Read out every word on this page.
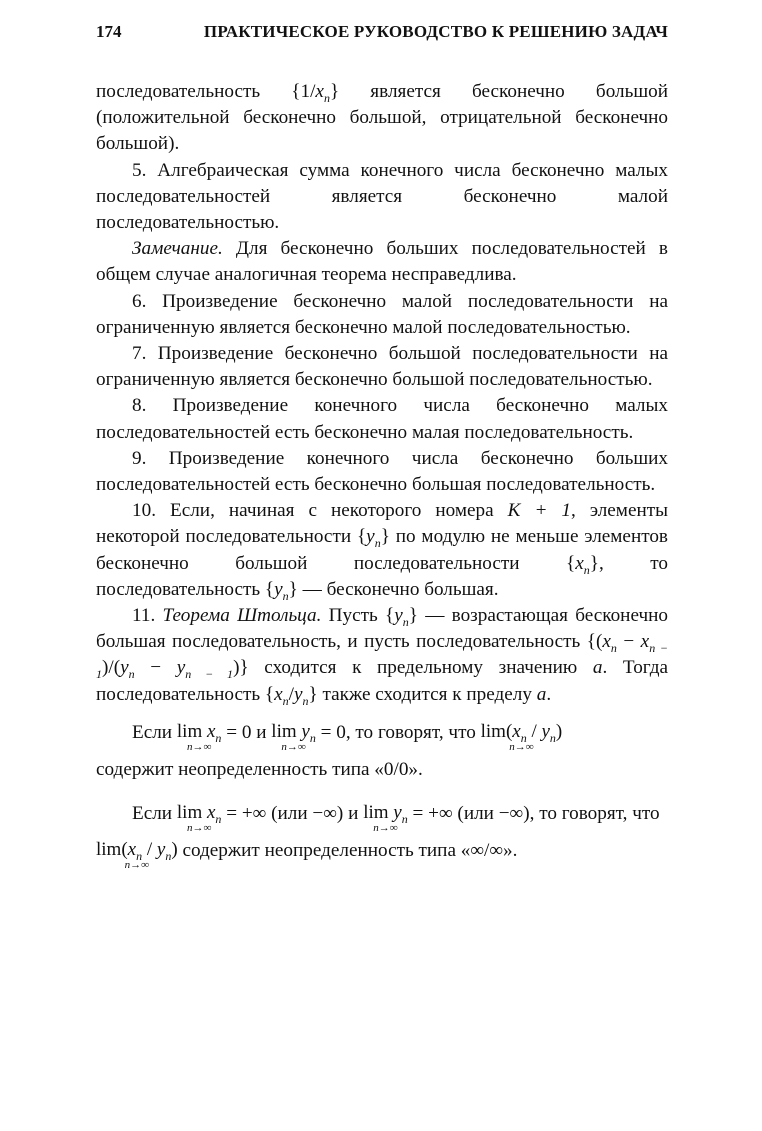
174	ПРАКТИЧЕСКОЕ РУКОВОДСТВО К РЕШЕНИЮ ЗАДАЧ

последовательность $\{1/x_n\}$ является бесконечно большой (положительной бесконечно большой, отрицательной бесконечно большой).

5. Алгебраическая сумма конечного числа бесконечно малых последовательностей является бесконечно малой последовательностью.

Замечание. Для бесконечно больших последовательностей в общем случае аналогичная теорема несправедлива.

6. Произведение бесконечно малой последовательности на ограниченную является бесконечно малой последовательностью.

7. Произведение бесконечно большой последовательности на ограниченную является бесконечно большой последовательностью.

8. Произведение конечного числа бесконечно малых последовательностей есть бесконечно малая последовательность.

9. Произведение конечного числа бесконечно больших последовательностей есть бесконечно большая последовательность.

10. Если, начиная с некоторого номера K + 1, элементы некоторой последовательности $\{y_n\}$ по модулю не меньше элементов бесконечно большой последовательности $\{x_n\}$, то последовательность $\{y_n\}$ — бесконечно большая.

11. Теорема Штольца. Пусть $\{y_n\}$ — возрастающая бесконечно большая последовательность, и пусть последовательность $\{(x_n - x_{n - 1})/(y_n - y_{n - 1})\}$ сходится к предельному значению a. Тогда последовательность $\{x_n/y_n\}$ также сходится к пределу a.

Если $\lim x_n$
n→∞
= 0 и $\lim y_n$
n→∞
= 0, то говорят, что $\lim(x_n / y_n)$
n→∞

содержит неопределенность типа «0/0».

Если $\lim x_n$
n→∞
= +∞ (или −∞) и $\lim y_n$
n→∞
= +∞ (или −∞), то говорят, что
$\lim(x_n / y_n)$
n→∞
содержит неопределенность типа «∞/∞».
